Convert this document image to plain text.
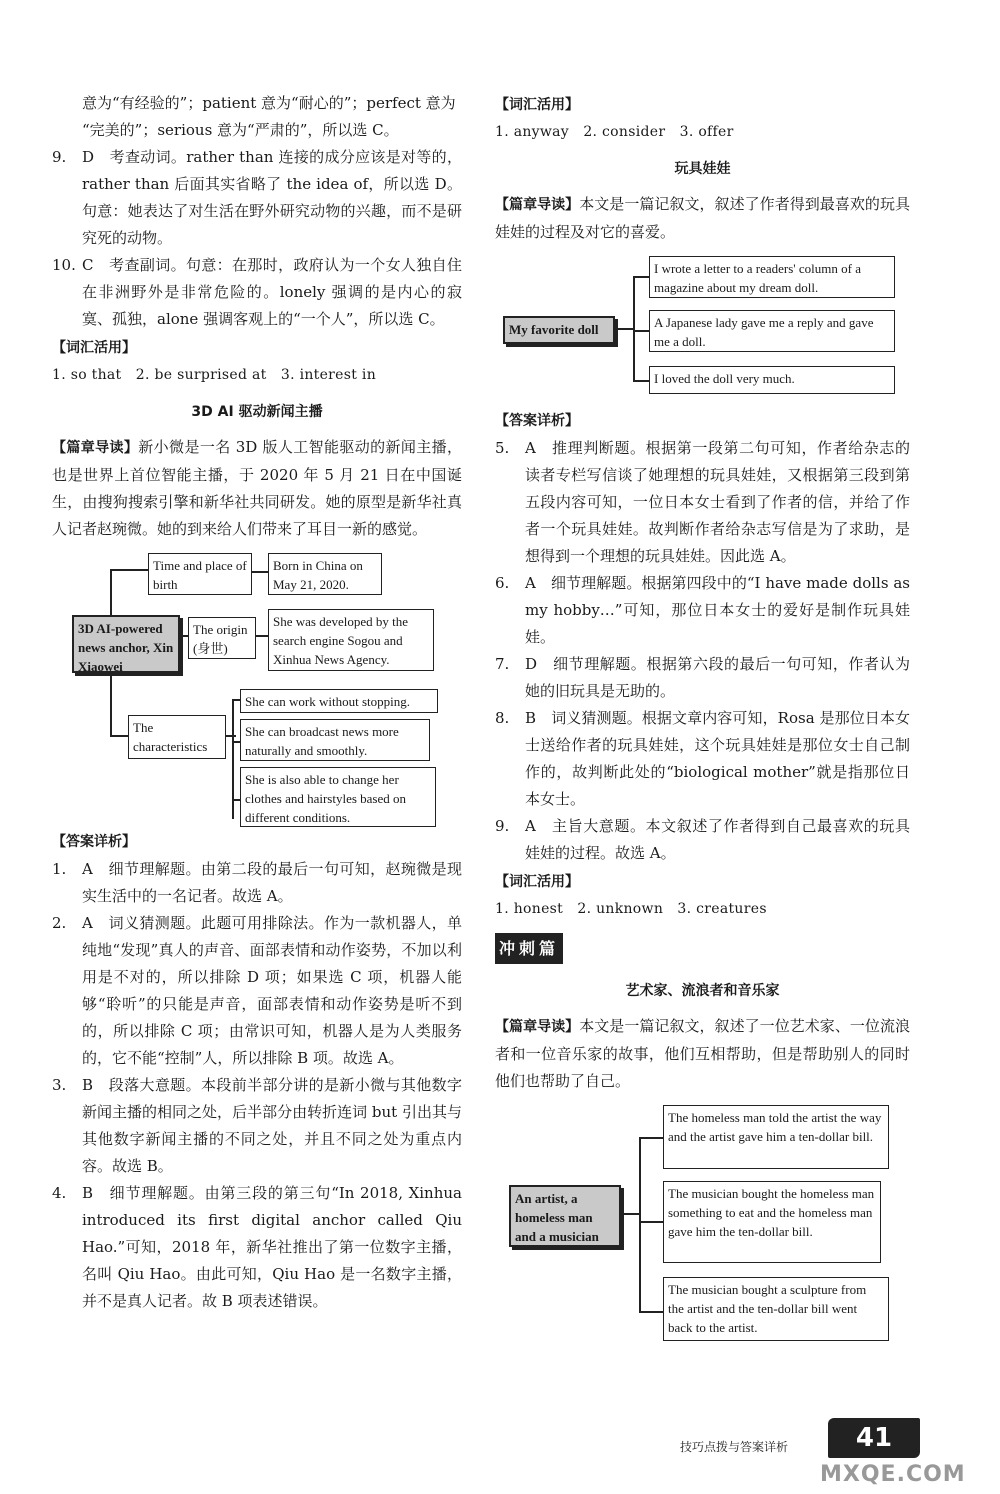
意为“有经验的”；patient 意为“耐心的”；perfect 意为

“完美的”；serious 意为“严肃的”，所以选 C。

9.	D　考查动词。rather than 连接的成分应该是对等的，rather than 后面其实省略了 the idea of，所以选 D。句意：她表达了对生活在野外研究动物的兴趣，而不是研究死的动物。
10. C　考查副词。句意：在那时，政府认为一个女人独自住在非洲野外是非常危险的。lonely 强调的是内心的寂寞、孤独，alone 强调客观上的“一个人”，所以选 C。

【词汇活用】

1. so that　2. be surprised at　3. interest in

3D AI 驱动新闻主播

【篇章导读】新小微是一名 3D 版人工智能驱动的新闻主播，也是世界上首位智能主播，于 2020 年 5 月 21 日在中国诞生，由搜狗搜索引擎和新华社共同研发。她的原型是新华社真人记者赵琬微。她的到来给人们带来了耳目一新的感觉。

Time and place of birth
Born in China on May 21, 2020.
3D AI-powered news anchor, Xin Xiaowei
The origin (身世)
She was developed by the search engine Sogou and Xinhua News Agency.
The characteristics
She can work without stopping.
She can broadcast news more naturally and smoothly.
She is also able to change her clothes and hairstyles based on different conditions.

【答案详析】

1.	A　细节理解题。由第二段的最后一句可知，赵琬微是现实生活中的一名记者。故选 A。
2.	A　词义猜测题。此题可用排除法。作为一款机器人，单纯地“发现”真人的声音、面部表情和动作姿势，不加以利用是不对的，所以排除 D 项；如果选 C 项，机器人能够“聆听”的只能是声音，面部表情和动作姿势是听不到的，所以排除 C 项；由常识可知，机器人是为人类服务的，它不能“控制”人，所以排除 B 项。故选 A。
3.	B　段落大意题。本段前半部分讲的是新小微与其他数字新闻主播的相同之处，后半部分由转折连词 but 引出其与其他数字新闻主播的不同之处，并且不同之处为重点内容。故选 B。
4.	B　细节理解题。由第三段的第三句“In 2018, Xinhua introduced its first digital anchor called Qiu Hao.”可知，2018 年，新华社推出了第一位数字主播，名叫 Qiu Hao。由此可知，Qiu Hao 是一名数字主播，并不是真人记者。故 B 项表述错误。

【词汇活用】

1. anyway　2. consider　3. offer

玩具娃娃

【篇章导读】本文是一篇记叙文，叙述了作者得到最喜欢的玩具娃娃的过程及对它的喜爱。

My favorite doll
I wrote a letter to a readers' column of a magazine about my dream doll.
A Japanese lady gave me a reply and gave me a doll.
I loved the doll very much.

【答案详析】

5.	A　推理判断题。根据第一段第二句可知，作者给杂志的读者专栏写信谈了她理想的玩具娃娃，又根据第三段到第五段内容可知，一位日本女士看到了作者的信，并给了作者一个玩具娃娃。故判断作者给杂志写信是为了求助，是想得到一个理想的玩具娃娃。因此选 A。
6.	A　细节理解题。根据第四段中的“I have made dolls as my hobby…”可知，那位日本女士的爱好是制作玩具娃娃。
7.	D　细节理解题。根据第六段的最后一句可知，作者认为她的旧玩具是无助的。
8.	B　词义猜测题。根据文章内容可知，Rosa 是那位日本女士送给作者的玩具娃娃，这个玩具娃娃是那位女士自己制作的，故判断此处的“biological mother”就是指那位日本女士。
9.	A　主旨大意题。本文叙述了作者得到自己最喜欢的玩具娃娃的过程。故选 A。

【词汇活用】

1. honest　2. unknown　3. creatures

冲刺篇

艺术家、流浪者和音乐家

【篇章导读】本文是一篇记叙文，叙述了一位艺术家、一位流浪者和一位音乐家的故事，他们互相帮助，但是帮助别人的同时他们也帮助了自己。

An artist, a homeless man and a musician
The homeless man told the artist the way and the artist gave him a ten-dollar bill.
The musician bought the homeless man something to eat and the homeless man gave him the ten-dollar bill.
The musician bought a sculpture from the artist and the ten-dollar bill went back to the artist.
技巧点拨与答案详析	41
MXQE.COM
